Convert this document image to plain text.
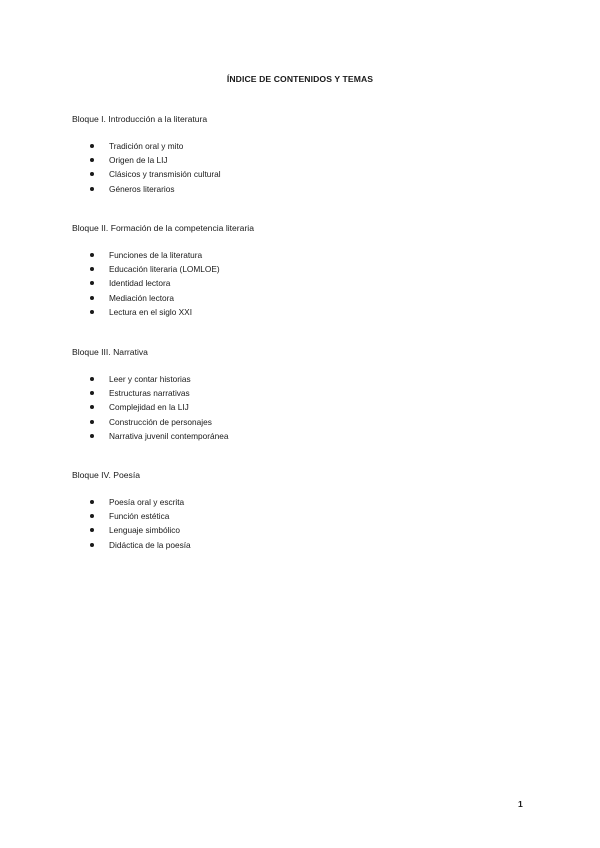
ÍNDICE DE CONTENIDOS Y TEMAS
Bloque I. Introducción a la literatura
Tradición oral y mito
Origen de la LIJ
Clásicos y transmisión cultural
Géneros literarios
Bloque II. Formación de la competencia literaria
Funciones de la literatura
Educación literaria (LOMLOE)
Identidad lectora
Mediación lectora
Lectura en el siglo XXI
Bloque III. Narrativa
Leer y contar historias
Estructuras narrativas
Complejidad en la LIJ
Construcción de personajes
Narrativa juvenil contemporánea
Bloque IV. Poesía
Poesía oral y escrita
Función estética
Lenguaje simbólico
Didáctica de la poesía
1
